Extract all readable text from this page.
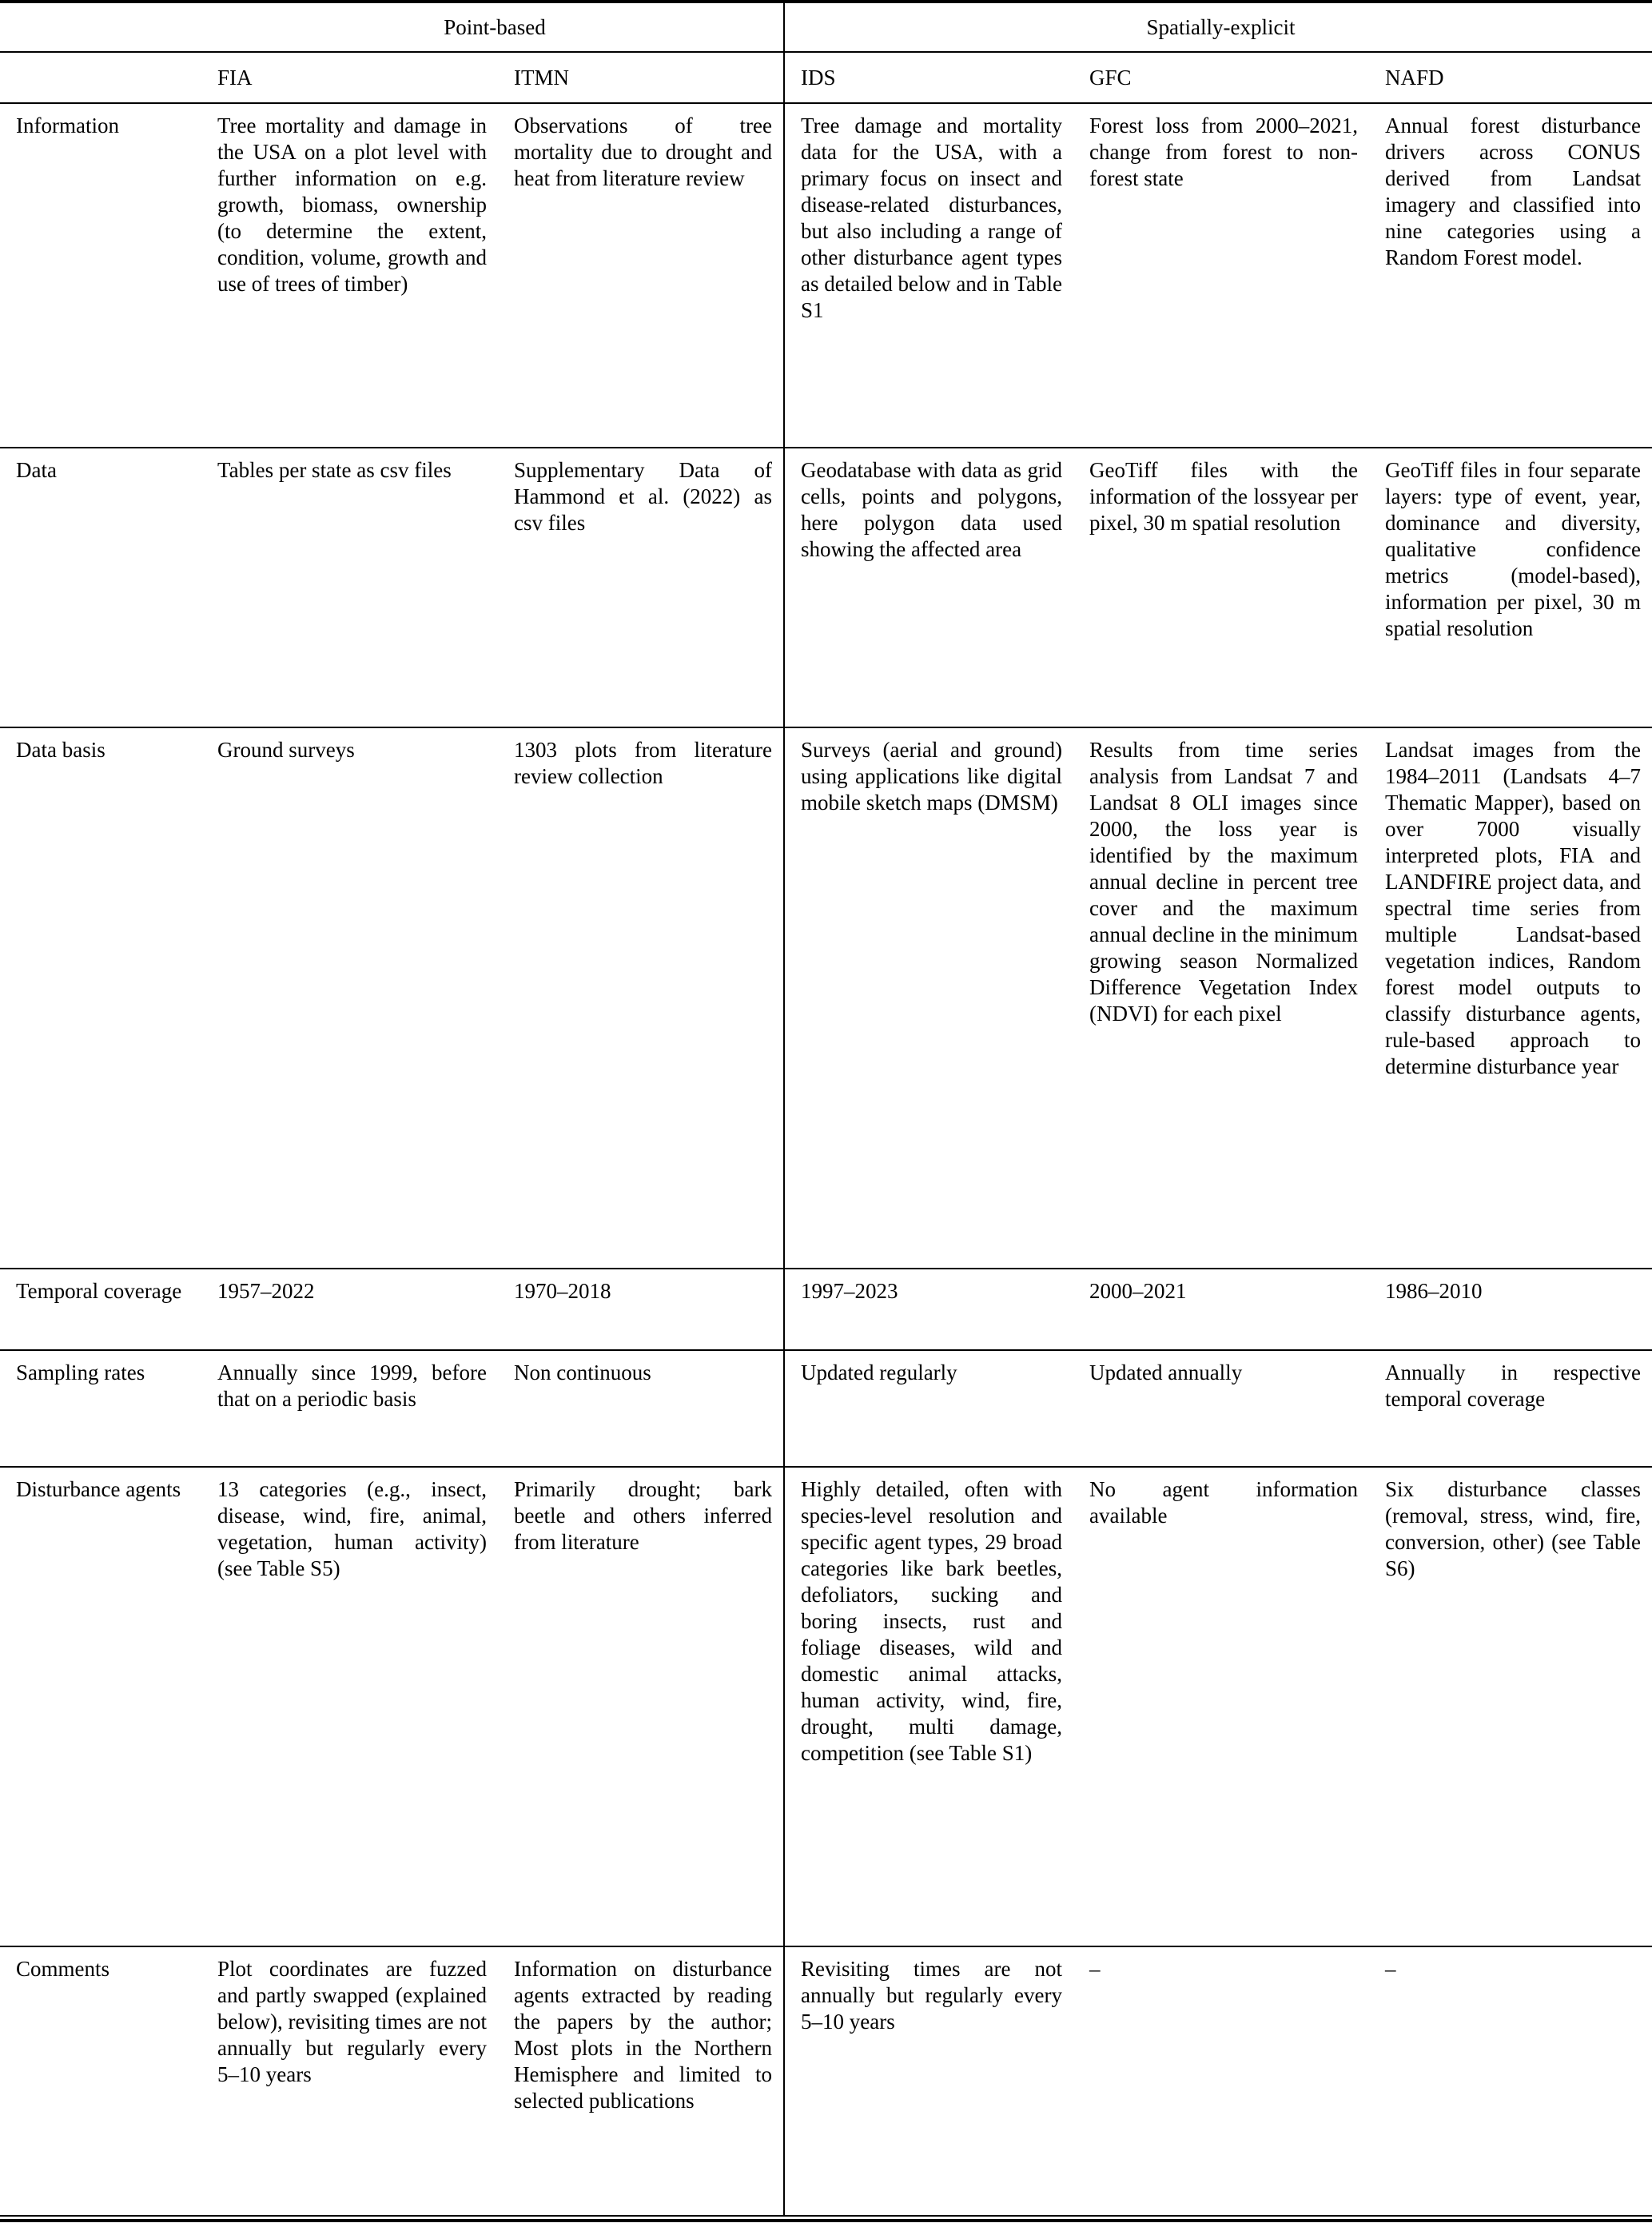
	Point-based		Spatially-explicit		
	FIA	ITMN	IDS	GFC	NAFD
Information	Tree mortality and damage in the USA on a plot level with further information on e.g. growth, biomass, ownership (to determine the extent, condition, volume, growth and use of trees of timber)	Observations of tree mortality due to drought and heat from literature review	Tree damage and mortality data for the USA, with a primary focus on insect and disease-related disturbances, but also including a range of other disturbance agent types as detailed below and in Table S1	Forest loss from 2000–2021, change from forest to non-forest state	Annual forest disturbance drivers across CONUS derived from Landsat imagery and classified into nine categories using a Random Forest model.
Data	Tables per state as csv files	Supplementary Data of Hammond et al. (2022) as csv files	Geodatabase with data as grid cells, points and polygons, here polygon data used showing the affected area	GeoTiff files with the information of the lossyear per pixel, 30 m spatial resolution	GeoTiff files in four separate layers: type of event, year, dominance and diversity, qualitative confidence metrics (model-based), information per pixel, 30 m spatial resolution
Data basis	Ground surveys	1303 plots from literature review collection	Surveys (aerial and ground) using applications like digital mobile sketch maps (DMSM)	Results from time series analysis from Landsat 7 and Landsat 8 OLI images since 2000, the loss year is identified by the maximum annual decline in percent tree cover and the maximum annual decline in the minimum growing season Normalized Difference Vegetation Index (NDVI) for each pixel	Landsat images from the 1984–2011 (Landsats 4–7 Thematic Mapper), based on over 7000 visually interpreted plots, FIA and LANDFIRE project data, and spectral time series from multiple Landsat-based vegetation indices, Random forest model outputs to classify disturbance agents, rule-based approach to determine disturbance year
Temporal coverage	1957–2022	1970–2018	1997–2023	2000–2021	1986–2010
Sampling rates	Annually since 1999, before that on a periodic basis	Non continuous	Updated regularly	Updated annually	Annually in respective temporal coverage
Disturbance agents	13 categories (e.g., insect, disease, wind, fire, animal, vegetation, human activity) (see Table S5)	Primarily drought; bark beetle and others inferred from literature	Highly detailed, often with species-level resolution and specific agent types, 29 broad categories like bark beetles, defoliators, sucking and boring insects, rust and foliage diseases, wild and domestic animal attacks, human activity, wind, fire, drought, multi damage, competition (see Table S1)	No agent information available	Six disturbance classes (removal, stress, wind, fire, conversion, other) (see Table S6)
Comments	Plot coordinates are fuzzed and partly swapped (explained below), revisiting times are not annually but regularly every 5–10 years	Information on disturbance agents extracted by reading the papers by the author; Most plots in the Northern Hemisphere and limited to selected publications	Revisiting times are not annually but regularly every 5–10 years	–	–
